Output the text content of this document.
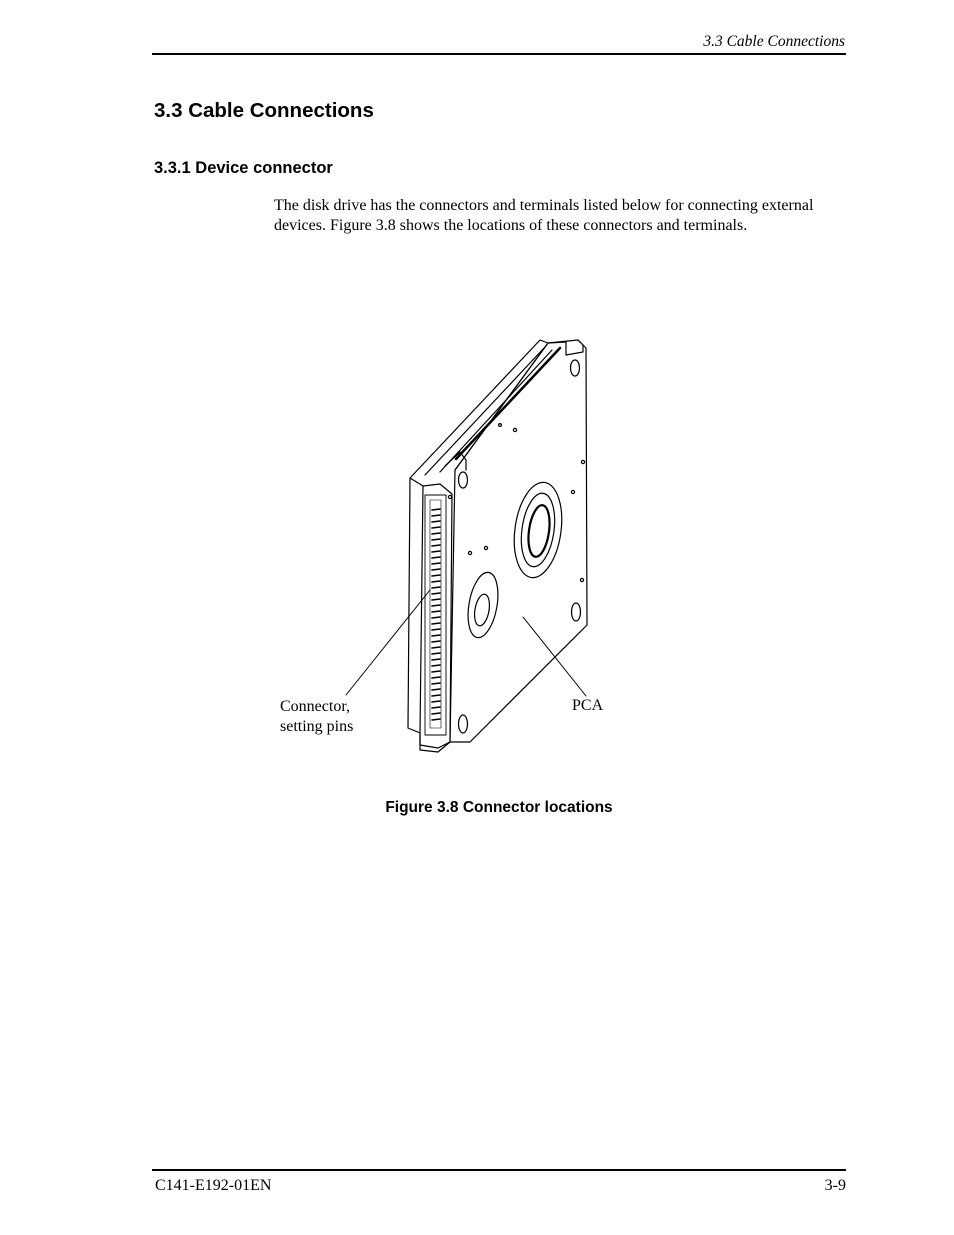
3.3 Cable Connections
3.3 Cable Connections
3.3.1 Device connector

The disk drive has the connectors and terminals listed below for connecting external devices. Figure 3.8 shows the locations of these connectors and terminals.

Connector,
setting pins
PCA
Figure 3.8 Connector locations
C141-E192-01EN	3-9
